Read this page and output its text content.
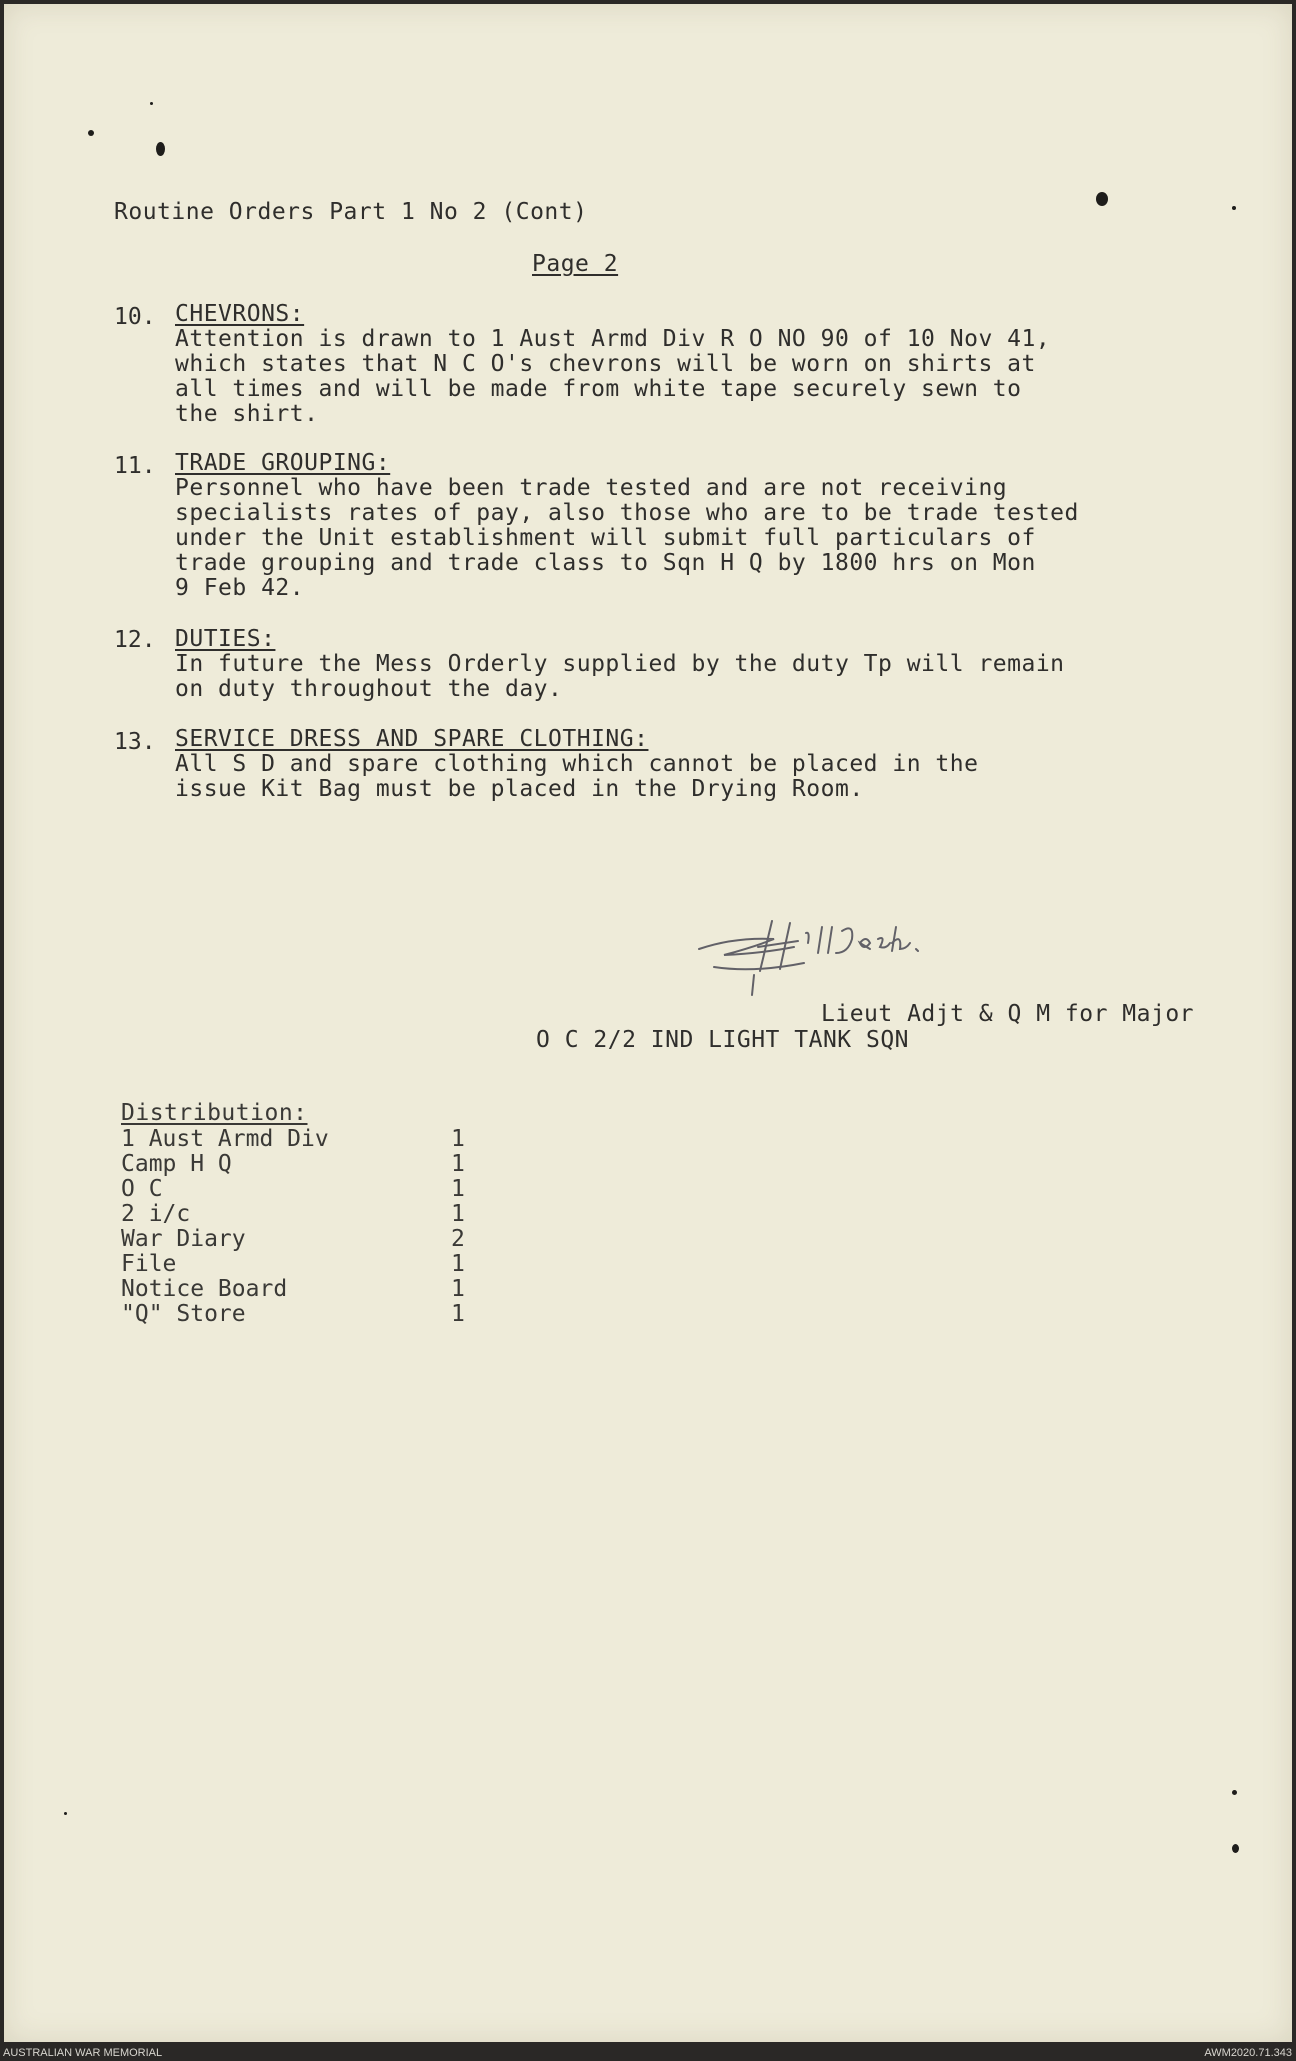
Routine Orders Part 1 No 2 (Cont)
Page 2
10. CHEVRONS:
Attention is drawn to 1 Aust Armd Div R O NO 90 of 10 Nov 41,
which states that N C O's chevrons will be worn on shirts at
all times and will be made from white tape securely sewn to
the shirt.
11. TRADE GROUPING:
Personnel who have been trade tested and are not receiving
specialists rates of pay, also those who are to be trade tested
under the Unit establishment will submit full particulars of
trade grouping and trade class to Sqn H Q by 1800 hrs on Mon
9 Feb 42.
12. DUTIES:
In future the Mess Orderly supplied by the duty Tp will remain
on duty throughout the day.
13. SERVICE DRESS AND SPARE CLOTHING:
All S D and spare clothing which cannot be placed in the
issue Kit Bag must be placed in the Drying Room.
Lieut Adjt & Q M for Major
O C 2/2 IND LIGHT TANK SQN
Distribution:
1 Aust Armd Div	1
Camp H Q	1
O C	1
2 i/c	1
War Diary	2
File	1
Notice Board	1
"Q" Store	1
AUSTRALIAN WAR MEMORIAL	AWM2020.71.343
